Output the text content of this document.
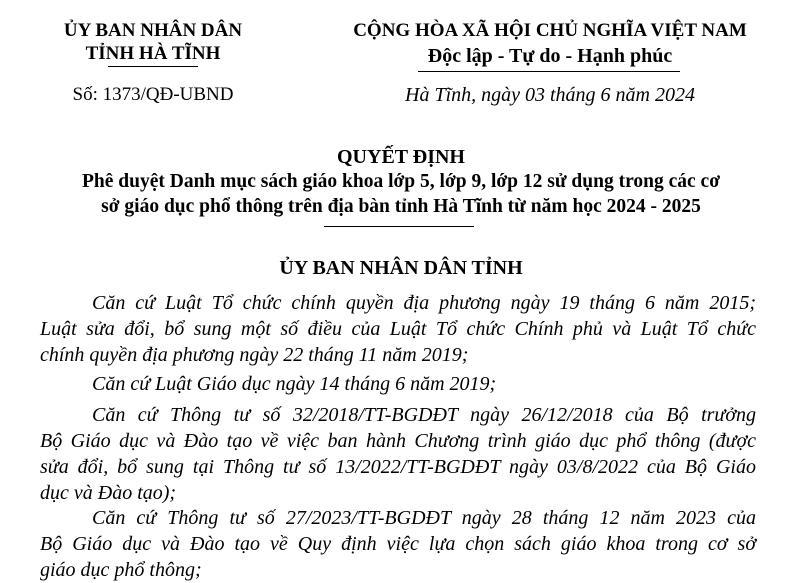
ỦY BAN NHÂN DÂN
TỈNH HÀ TĨNH
Số: 1373/QĐ-UBND
CỘNG HÒA XÃ HỘI CHỦ NGHĨA VIỆT NAM
Độc lập - Tự do - Hạnh phúc
Hà Tĩnh, ngày 03 tháng 6 năm 2024
QUYẾT ĐỊNH
Phê duyệt Danh mục sách giáo khoa lớp 5, lớp 9, lớp 12 sử dụng trong các cơ
sở giáo dục phổ thông trên địa bàn tỉnh Hà Tĩnh từ năm học 2024 - 2025
ỦY BAN NHÂN DÂN TỈNH
Căn cứ Luật Tổ chức chính quyền địa phương ngày 19 tháng 6 năm 2015;
Luật sửa đổi, bổ sung một số điều của Luật Tổ chức Chính phủ và Luật Tổ chức
chính quyền địa phương ngày 22 tháng 11 năm 2019;
Căn cứ Luật Giáo dục ngày 14 tháng 6 năm 2019;
Căn cứ Thông tư số 32/2018/TT-BGDĐT ngày 26/12/2018 của Bộ trưởng
Bộ Giáo dục và Đào tạo về việc ban hành Chương trình giáo dục phổ thông (được
sửa đổi, bổ sung tại Thông tư số 13/2022/TT-BGDĐT ngày 03/8/2022 của Bộ Giáo
dục và Đào tạo);
Căn cứ Thông tư số 27/2023/TT-BGDĐT ngày 28 tháng 12 năm 2023 của
Bộ Giáo dục và Đào tạo về Quy định việc lựa chọn sách giáo khoa trong cơ sở
giáo dục phổ thông;
